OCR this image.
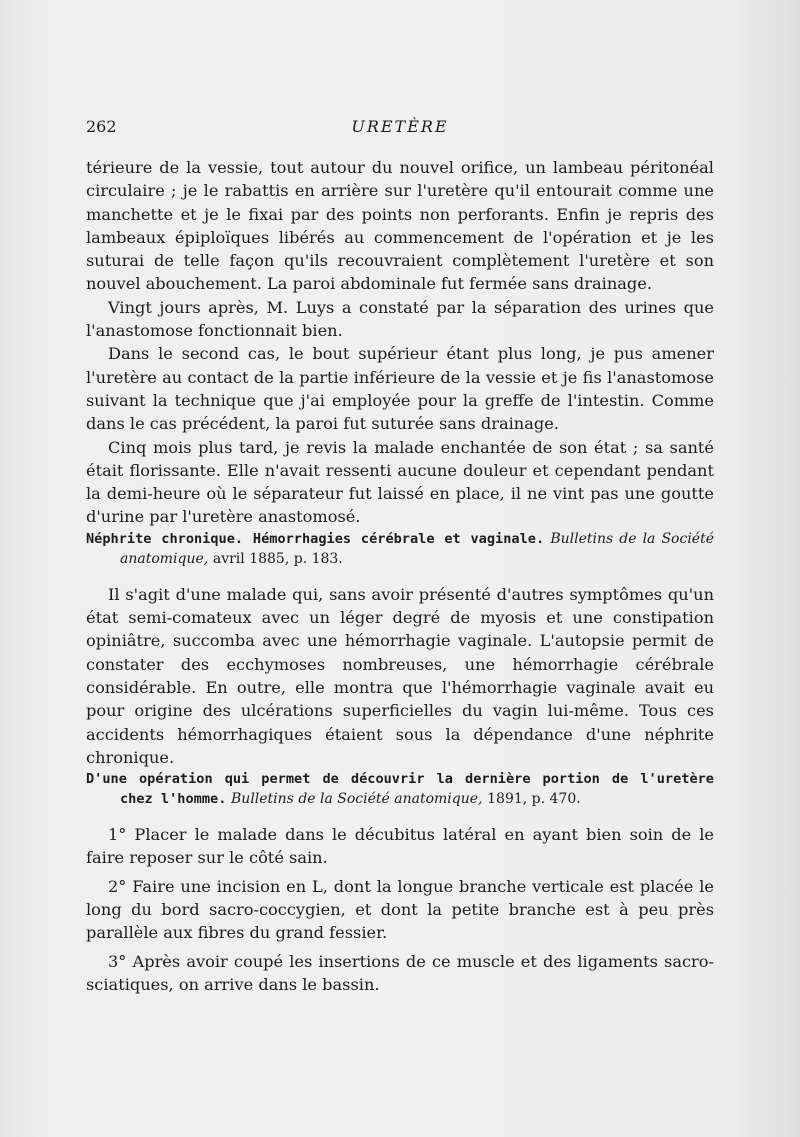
262	URETÈRE

térieure de la vessie, tout autour du nouvel orifice, un lambeau péritonéal circulaire ; je le rabattis en arrière sur l'uretère qu'il entourait comme une manchette et je le fixai par des points non perforants. Enfin je repris des lambeaux épiploïques libérés au commencement de l'opération et je les suturai de telle façon qu'ils recouvraient complètement l'uretère et son nouvel abouchement. La paroi abdominale fut fermée sans drainage.

Vingt jours après, M. Luys a constaté par la séparation des urines que l'anastomose fonctionnait bien.

Dans le second cas, le bout supérieur étant plus long, je pus amener l'uretère au contact de la partie inférieure de la vessie et je fis l'anastomose suivant la technique que j'ai employée pour la greffe de l'intestin. Comme dans le cas précédent, la paroi fut suturée sans drainage.

Cinq mois plus tard, je revis la malade enchantée de son état ; sa santé était florissante. Elle n'avait ressenti aucune douleur et cependant pendant la demi-heure où le séparateur fut laissé en place, il ne vint pas une goutte d'urine par l'uretère anastomosé.

Néphrite chronique. Hémorrhagies cérébrale et vaginale. Bulletins de la Société anatomique, avril 1885, p. 183.

Il s'agit d'une malade qui, sans avoir présenté d'autres symptômes qu'un état semi-comateux avec un léger degré de myosis et une constipation opiniâtre, succomba avec une hémorrhagie vaginale. L'autopsie permit de constater des ecchymoses nombreuses, une hémorrhagie cérébrale considérable. En outre, elle montra que l'hémorrhagie vaginale avait eu pour origine des ulcérations superficielles du vagin lui-même. Tous ces accidents hémorrhagiques étaient sous la dépendance d'une néphrite chronique.

D'une opération qui permet de découvrir la dernière portion de l'uretère chez l'homme. Bulletins de la Société anatomique, 1891, p. 470.

1° Placer le malade dans le décubitus latéral en ayant bien soin de le faire reposer sur le côté sain.

2° Faire une incision en L, dont la longue branche verticale est placée le long du bord sacro-coccygien, et dont la petite branche est à peu près parallèle aux fibres du grand fessier.

3° Après avoir coupé les insertions de ce muscle et des ligaments sacro-sciatiques, on arrive dans le bassin.
